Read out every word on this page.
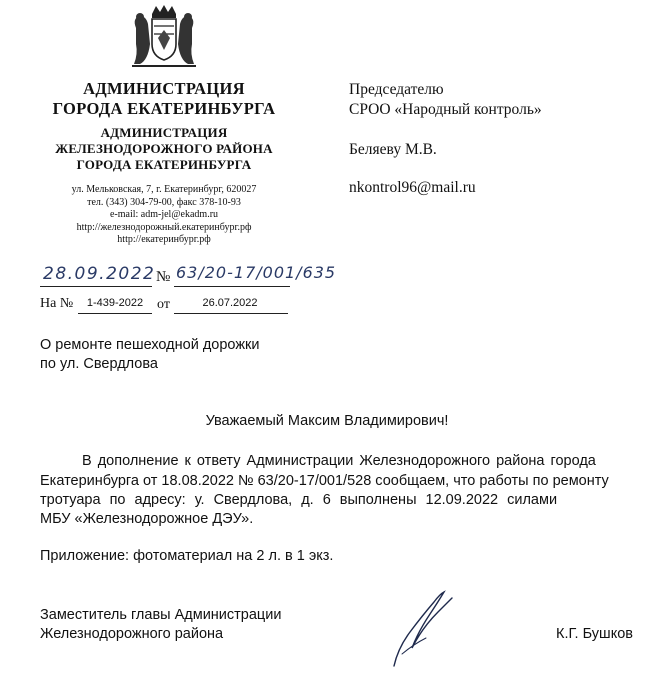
АДМИНИСТРАЦИЯ
ГОРОДА ЕКАТЕРИНБУРГА
АДМИНИСТРАЦИЯ
ЖЕЛЕЗНОДОРОЖНОГО РАЙОНА
ГОРОДА ЕКАТЕРИНБУРГА
ул. Мельковская, 7, г. Екатеринбург, 620027
тел. (343) 304-79-00, факс 378-10-93
e-mail: adm-jel@ekadm.ru
http://железнодорожный.екатеринбург.рф
http://екатеринбург.рф
28.09.2022 № 63/20-17/001/635
На №	1-439-2022 от	26.07.2022
Председателю
СРОО «Народный контроль»
Беляеву М.В.
nkontrol96@mail.ru
О ремонте пешеходной дорожки
по ул. Свердлова
Уважаемый Максим Владимирович!
В дополнение к ответу Администрации Железнодорожного района города
Екатеринбурга от 18.08.2022 № 63/20-17/001/528 сообщаем, что работы по ремонту
тротуара по адресу: у. Свердлова, д. 6 выполнены 12.09.2022 силами
МБУ «Железнодорожное ДЭУ».
Приложение: фотоматериал на 2 л. в 1 экз.
Заместитель главы Администрации
Железнодорожного района	К.Г. Бушков
